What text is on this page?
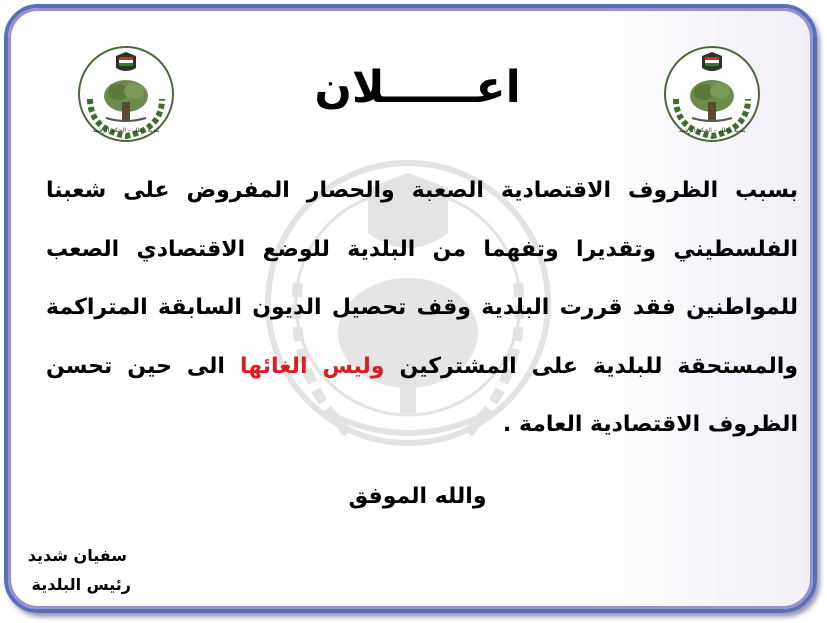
بلدية عطار – الحكم الرشيد	بلدية عطار – الحكم الرشيد
اعــــــلان

بسبب الظروف الاقتصادية الصعبة والحصار المفروض على شعبنا الفلسطيني وتقديرا وتفهما من البلدية للوضع الاقتصادي الصعب للمواطنين فقد قررت البلدية وقف تحصيل الديون السابقة المتراكمة والمستحقة للبلدية على المشتركين وليس الغائها الى حين تحسن الظروف الاقتصادية العامة .

والله الموفق
سفيان شديد
رئيس البلدية
